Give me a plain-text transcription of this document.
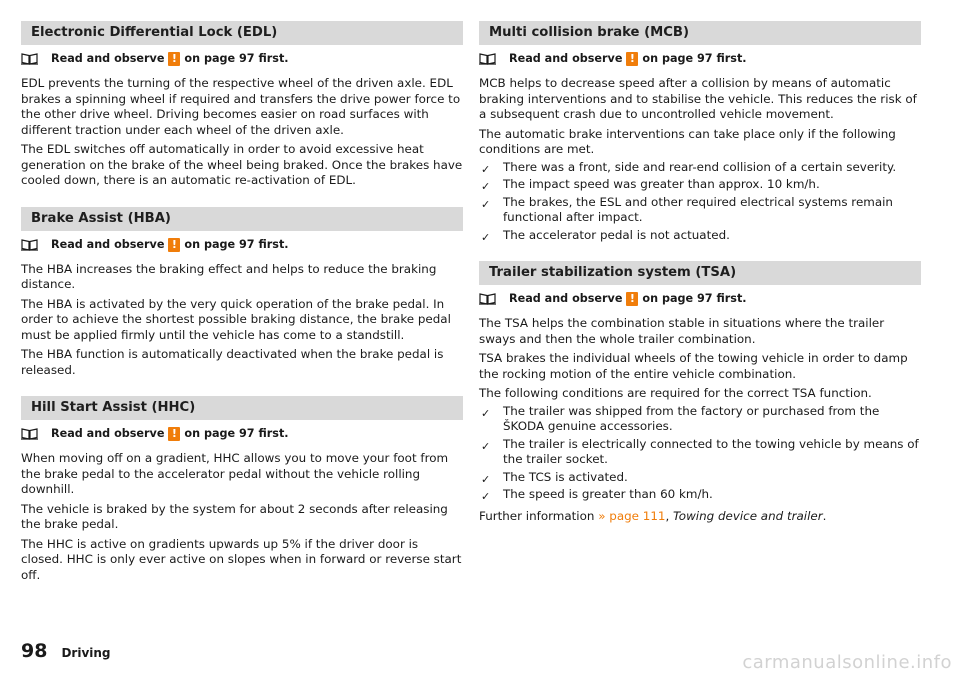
Electronic Differential Lock (EDL)
Read and observe ! on page 97 first.

EDL prevents the turning of the respective wheel of the driven axle. EDL brakes a spinning wheel if required and transfers the drive power force to the other drive wheel. Driving becomes easier on road surfaces with different traction under each wheel of the driven axle.

The EDL switches off automatically in order to avoid excessive heat generation on the brake of the wheel being braked. Once the brakes have cooled down, there is an automatic re-activation of EDL.

Brake Assist (HBA)
Read and observe ! on page 97 first.

The HBA increases the braking effect and helps to reduce the braking distance.

The HBA is activated by the very quick operation of the brake pedal. In order to achieve the shortest possible braking distance, the brake pedal must be applied firmly until the vehicle has come to a standstill.

The HBA function is automatically deactivated when the brake pedal is released.

Hill Start Assist (HHC)
Read and observe ! on page 97 first.

When moving off on a gradient, HHC allows you to move your foot from the brake pedal to the accelerator pedal without the vehicle rolling downhill.

The vehicle is braked by the system for about 2 seconds after releasing the brake pedal.

The HHC is active on gradients upwards up 5% if the driver door is closed. HHC is only ever active on slopes when in forward or reverse start off.

Multi collision brake (MCB)
Read and observe ! on page 97 first.

MCB helps to decrease speed after a collision by means of automatic braking interventions and to stabilise the vehicle. This reduces the risk of a subsequent crash due to uncontrolled vehicle movement.

The automatic brake interventions can take place only if the following conditions are met.

✓ There was a front, side and rear-end collision of a certain severity.
✓ The impact speed was greater than approx. 10 km/h.
✓ The brakes, the ESL and other required electrical systems remain functional after impact.
✓ The accelerator pedal is not actuated.
Trailer stabilization system (TSA)
Read and observe ! on page 97 first.

The TSA helps the combination stable in situations where the trailer sways and then the whole trailer combination.

TSA brakes the individual wheels of the towing vehicle in order to damp the rocking motion of the entire vehicle combination.

The following conditions are required for the correct TSA function.

✓ The trailer was shipped from the factory or purchased from the ŠKODA genuine accessories.
✓ The trailer is electrically connected to the towing vehicle by means of the trailer socket.
✓ The TCS is activated.
✓ The speed is greater than 60 km/h.

Further information » page 111, Towing device and trailer.

98 Driving	carmanualsonline.info
